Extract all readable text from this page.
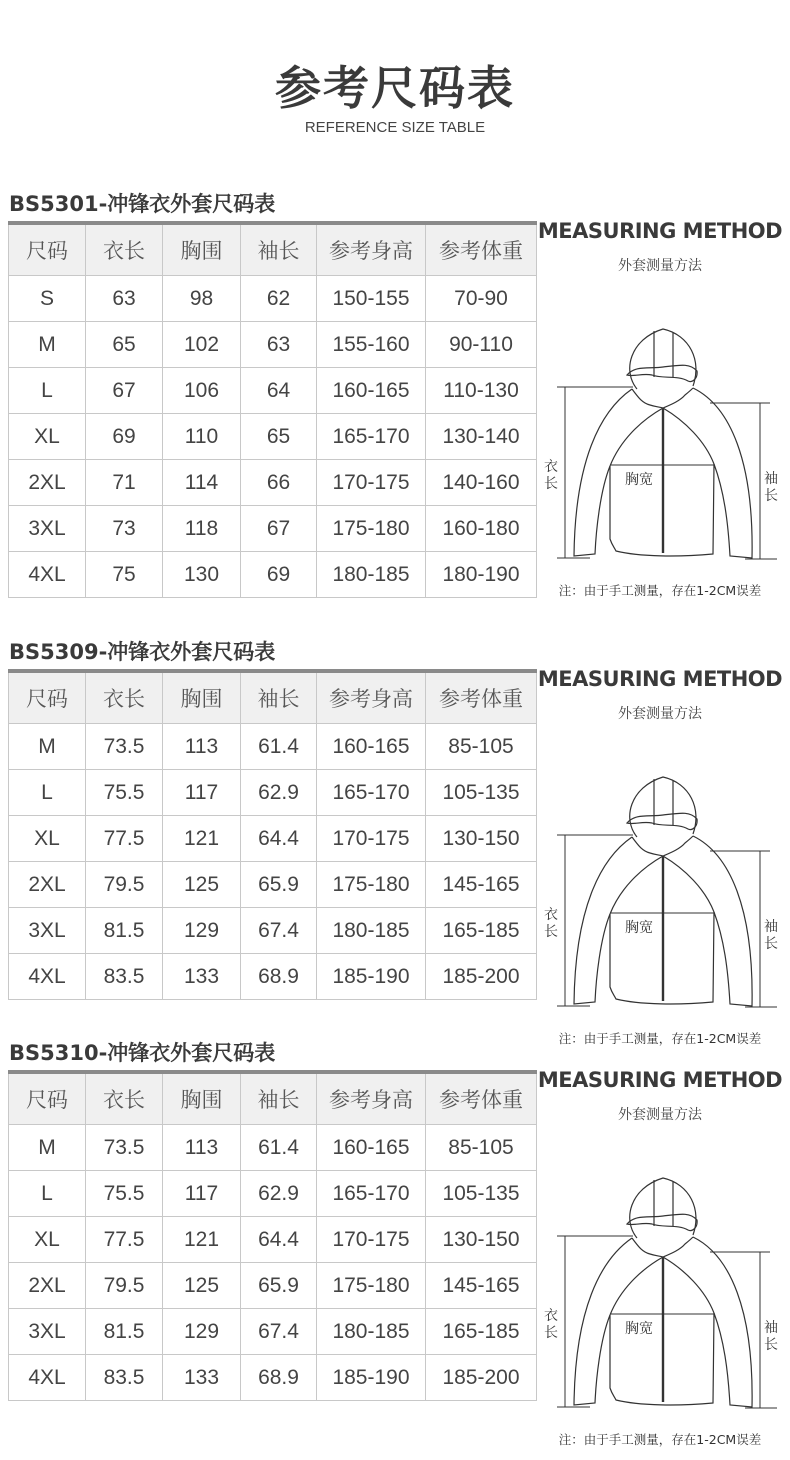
参考尺码表
REFERENCE SIZE TABLE
BS5301-冲锋衣外套尺码表
尺码	衣长	胸围	袖长	参考身高	参考体重
S	63	98	62	150-155	70-90
M	65	102	63	155-160	90-110
L	67	106	64	160-165	110-130
XL	69	110	65	165-170	130-140
2XL	71	114	66	170-175	140-160
3XL	73	118	67	175-180	160-180
4XL	75	130	69	180-185	180-190
MEASURING METHOD
外套测量方法
衣长	胸宽	袖长
注：由于手工测量，存在1-2CM误差
BS5309-冲锋衣外套尺码表
尺码	衣长	胸围	袖长	参考身高	参考体重
M	73.5	113	61.4	160-165	85-105
L	75.5	117	62.9	165-170	105-135
XL	77.5	121	64.4	170-175	130-150
2XL	79.5	125	65.9	175-180	145-165
3XL	81.5	129	67.4	180-185	165-185
4XL	83.5	133	68.9	185-190	185-200
MEASURING METHOD
外套测量方法
衣长	胸宽	袖长
注：由于手工测量，存在1-2CM误差
BS5310-冲锋衣外套尺码表
尺码	衣长	胸围	袖长	参考身高	参考体重
M	73.5	113	61.4	160-165	85-105
L	75.5	117	62.9	165-170	105-135
XL	77.5	121	64.4	170-175	130-150
2XL	79.5	125	65.9	175-180	145-165
3XL	81.5	129	67.4	180-185	165-185
4XL	83.5	133	68.9	185-190	185-200
MEASURING METHOD
外套测量方法
衣长	胸宽	袖长
注：由于手工测量，存在1-2CM误差
